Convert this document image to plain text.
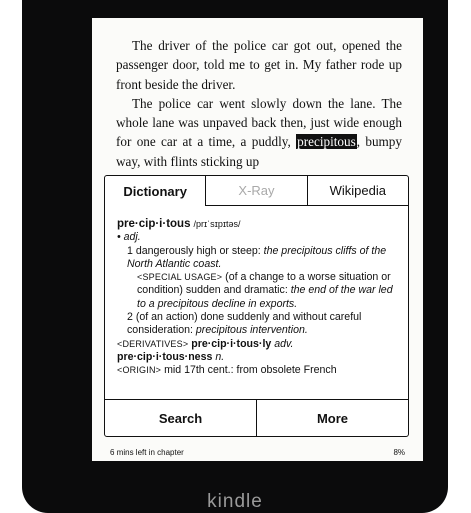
The driver of the police car got out, opened the passenger door, told me to get in. My father rode up front beside the driver.

The police car went slowly down the lane. The whole lane was unpaved back then, just wide enough for one car at a time, a puddly, precipitous, bumpy way, with flints sticking up

Dictionary	X-Ray	Wikipedia
pre·cip·i·tous /prɪˈsɪpɪtəs/
• adj.
1 dangerously high or steep: the precipitous cliffs of the North Atlantic coast.
<SPECIAL USAGE> (of a change to a worse situation or condition) sudden and dramatic: the end of the war led to a precipitous decline in exports.
2 (of an action) done suddenly and without careful consideration: precipitous intervention.
<DERIVATIVES> pre·cip·i·tous·ly adv.
pre·cip·i·tous·ness n.
<ORIGIN> mid 17th cent.: from obsolete French
Search	More
6 mins left in chapter	8%
kindle
